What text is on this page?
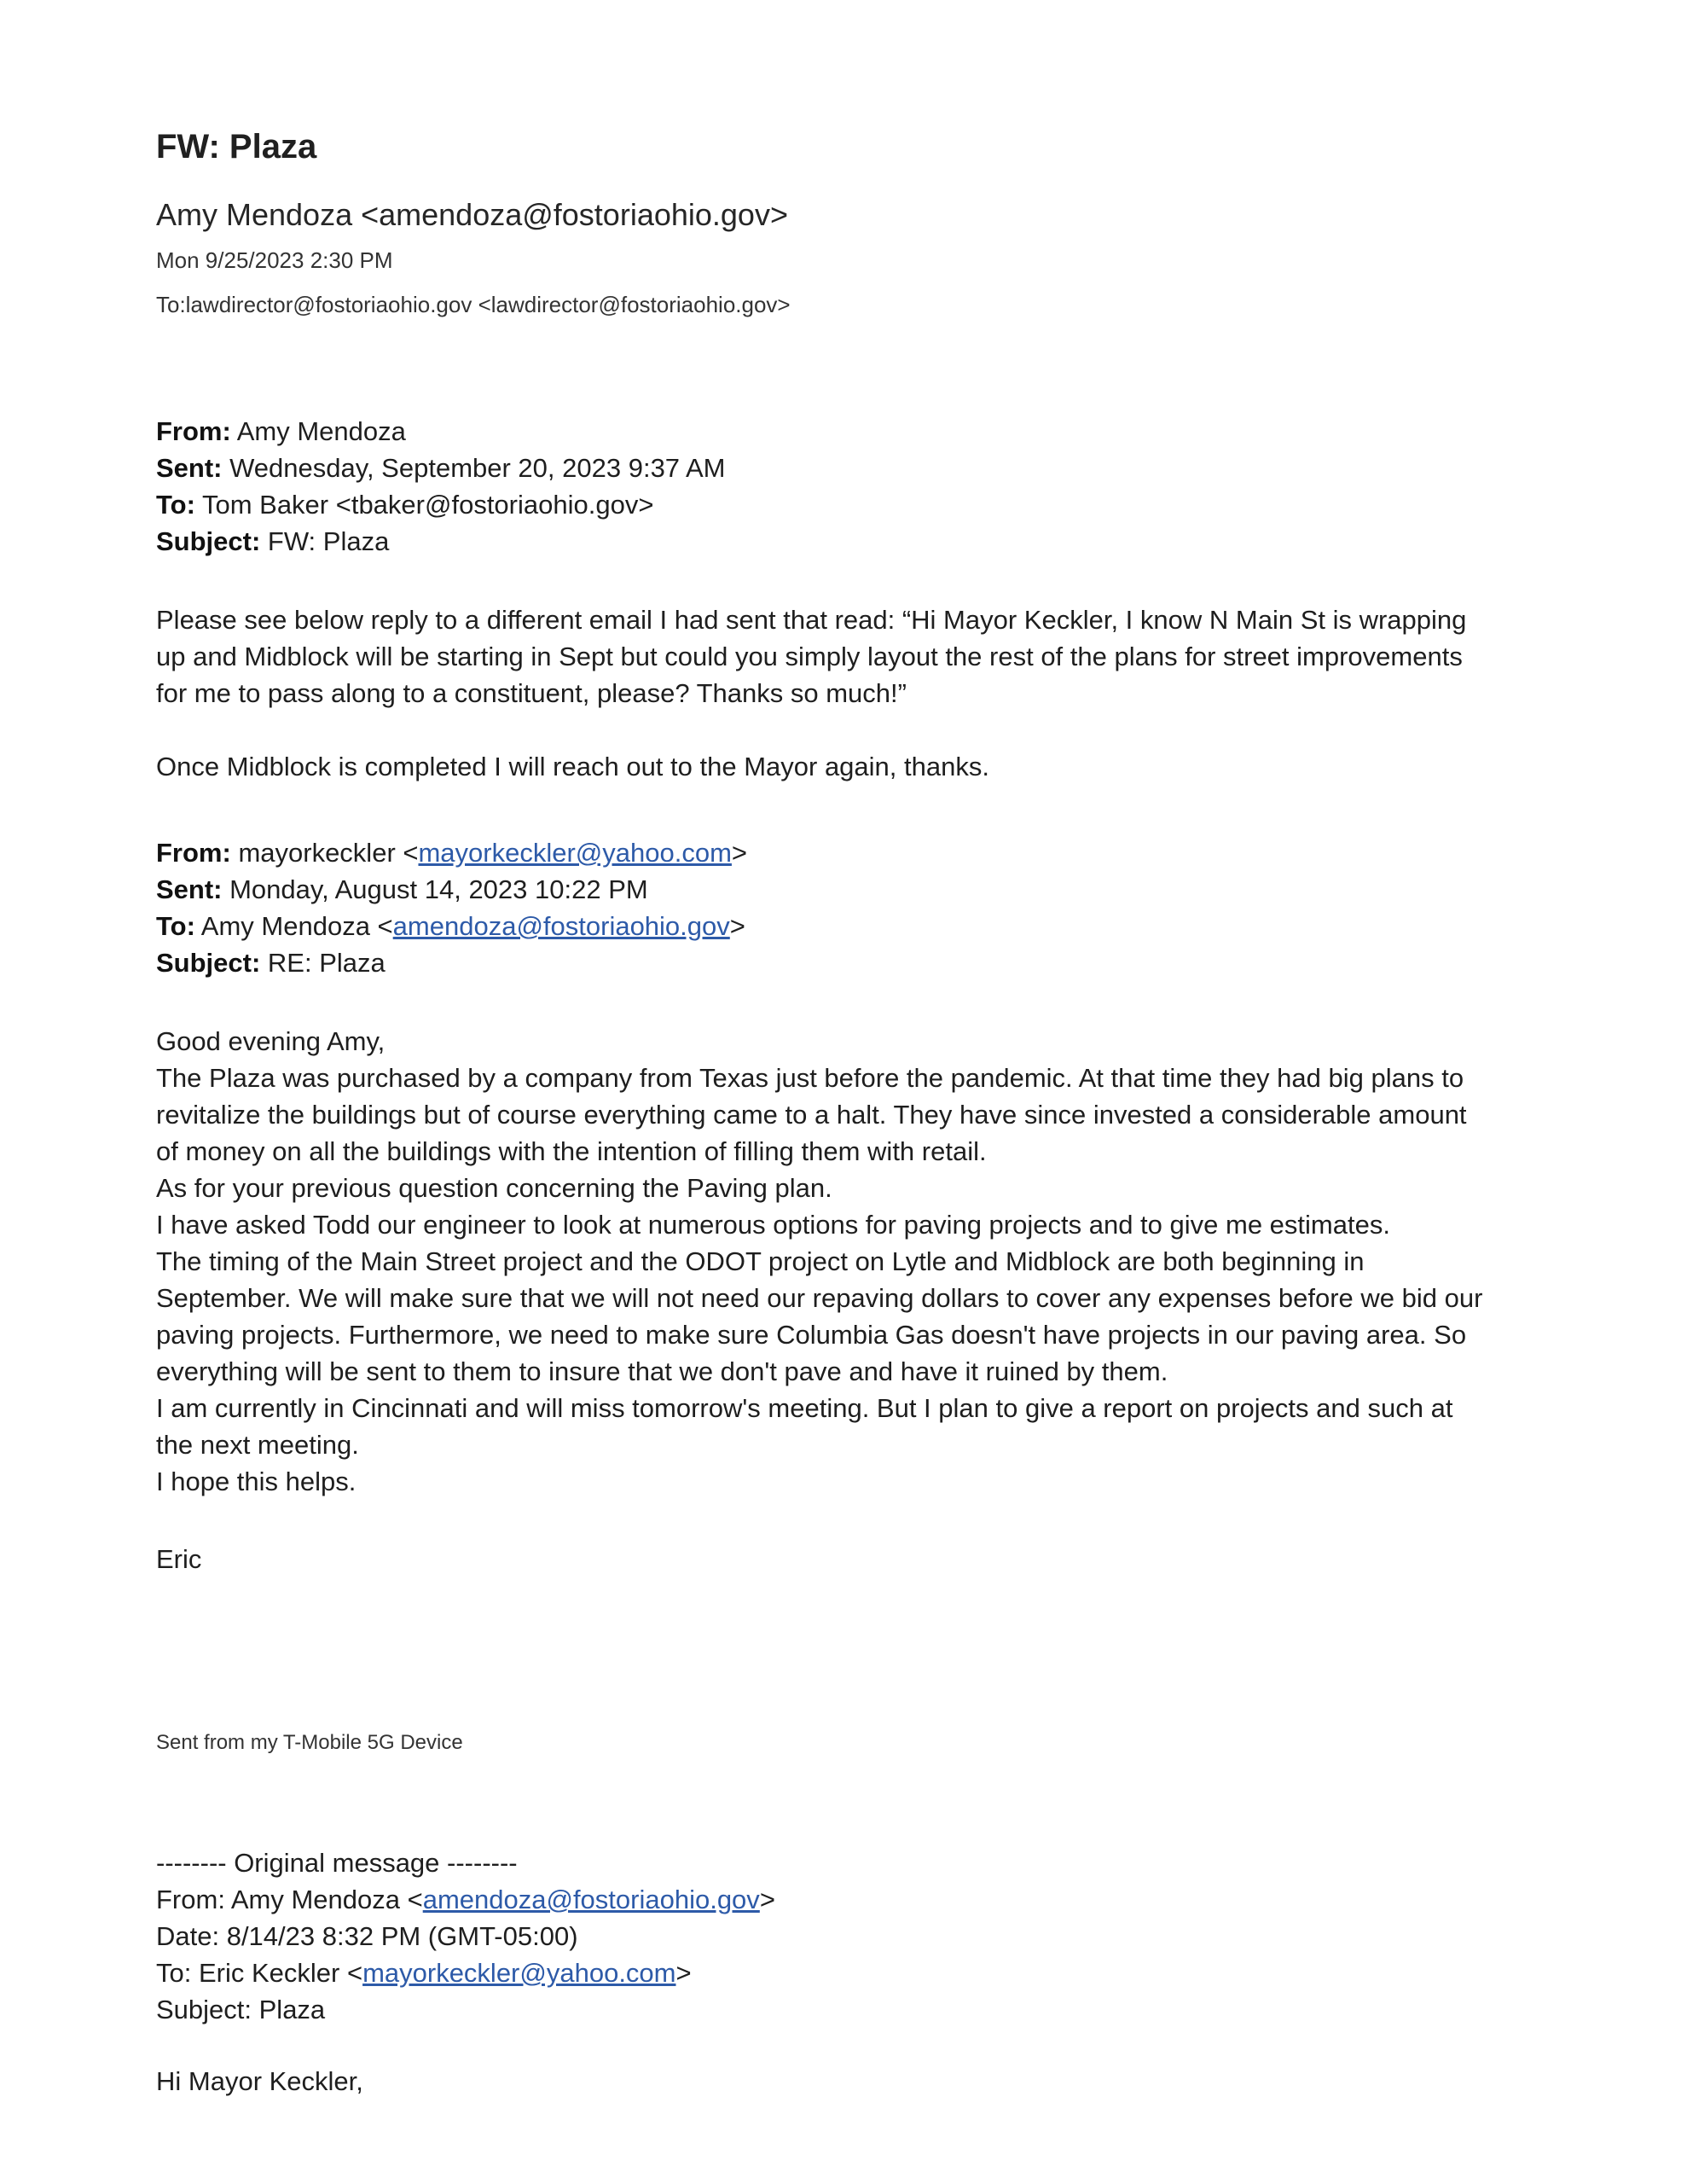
FW: Plaza
Amy Mendoza <amendoza@fostoriaohio.gov>
Mon 9/25/2023 2:30 PM
To:lawdirector@fostoriaohio.gov <lawdirector@fostoriaohio.gov>
From: Amy Mendoza
Sent: Wednesday, September 20, 2023 9:37 AM
To: Tom Baker <tbaker@fostoriaohio.gov>
Subject: FW: Plaza
Please see below reply to a different email I had sent that read: “Hi Mayor Keckler, I know N Main St is wrapping
up and Midblock will be starting in Sept but could you simply layout the rest of the plans for street improvements
for me to pass along to a constituent, please? Thanks so much!”
Once Midblock is completed I will reach out to the Mayor again, thanks.
From: mayorkeckler <mayorkeckler@yahoo.com>
Sent: Monday, August 14, 2023 10:22 PM
To: Amy Mendoza <amendoza@fostoriaohio.gov>
Subject: RE: Plaza
Good evening Amy,
The Plaza was purchased by a company from Texas just before the pandemic. At that time they had big plans to
revitalize the buildings but of course everything came to a halt. They have since invested a considerable amount
of money on all the buildings with the intention of filling them with retail.
As for your previous question concerning the Paving plan.
I have asked Todd our engineer to look at numerous options for paving projects and to give me estimates.
The timing of the Main Street project and the ODOT project on Lytle and Midblock are both beginning in
September. We will make sure that we will not need our repaving dollars to cover any expenses before we bid our
paving projects. Furthermore, we need to make sure Columbia Gas doesn't have projects in our paving area. So
everything will be sent to them to insure that we don't pave and have it ruined by them.
I am currently in Cincinnati and will miss tomorrow's meeting. But I plan to give a report on projects and such at
the next meeting.
I hope this helps.
Eric
Sent from my T-Mobile 5G Device
-------- Original message --------
From: Amy Mendoza <amendoza@fostoriaohio.gov>
Date: 8/14/23 8:32 PM (GMT-05:00)
To: Eric Keckler <mayorkeckler@yahoo.com>
Subject: Plaza
Hi Mayor Keckler,
